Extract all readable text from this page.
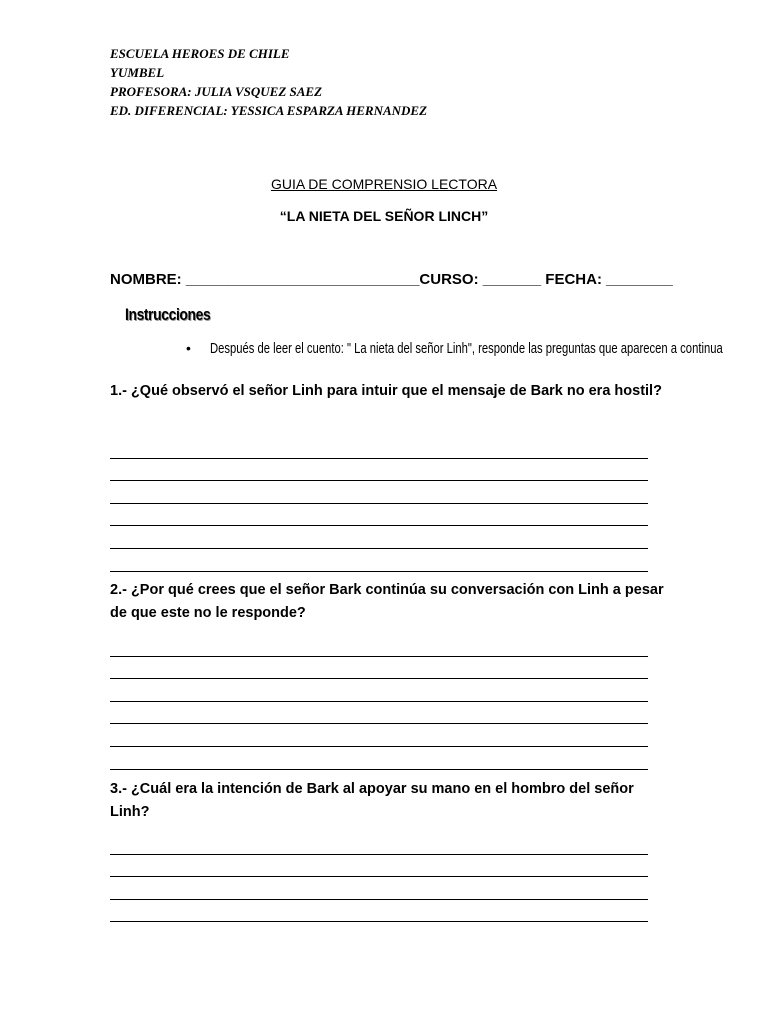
ESCUELA HEROES DE CHILE
YUMBEL
PROFESORA: JULIA VSQUEZ SAEZ
ED. DIFERENCIAL: YESSICA ESPARZA HERNANDEZ
GUIA DE COMPRENSIO LECTORA
“LA NIETA DEL SEÑOR LINCH”
NOMBRE: ____________________________CURSO: _______ FECHA: ________
Instrucciones
• Después de leer el cuento: " La nieta del señor Linh", responde las preguntas que aparecen a continua
1.- ¿Qué observó el señor Linh para intuir que el mensaje de Bark no era hostil?
2.- ¿Por qué crees que el señor Bark continúa su conversación con Linh a pesar de que este no le responde?
3.- ¿Cuál era la intención de Bark al apoyar su mano en el hombro del señor Linh?
